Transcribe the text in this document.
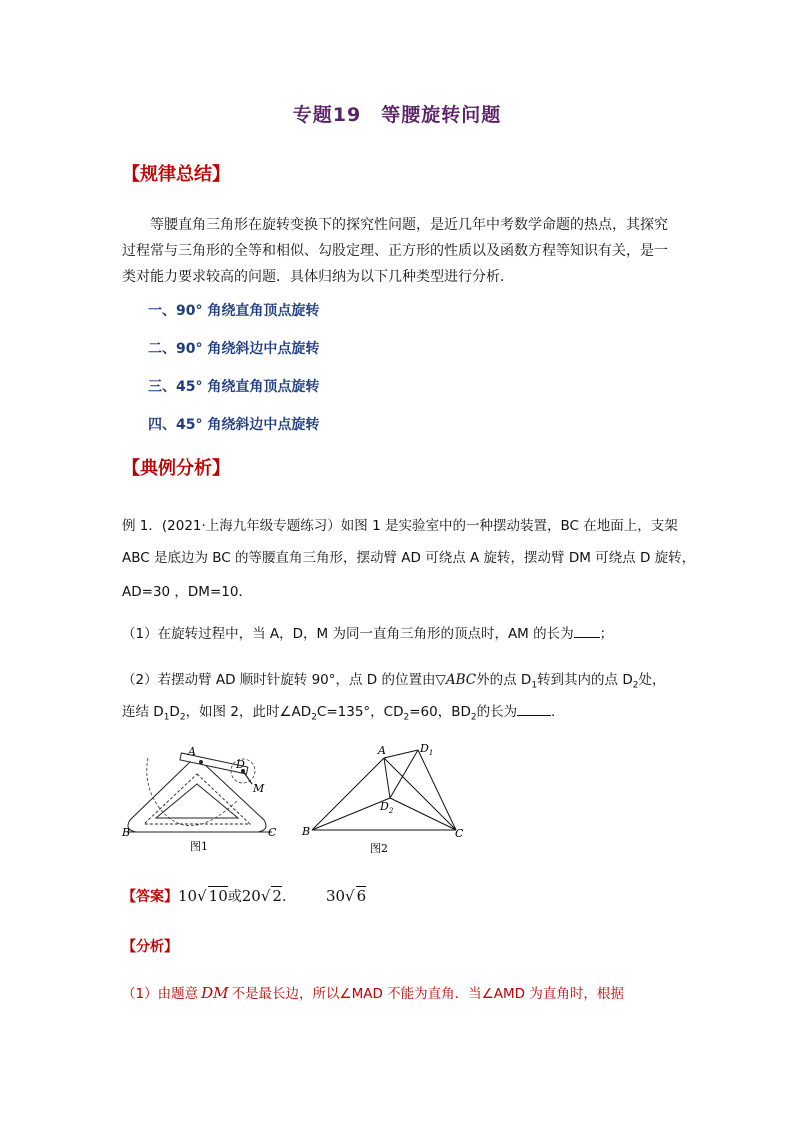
专题19　等腰旋转问题
【规律总结】
等腰直角三角形在旋转变换下的探究性问题，是近几年中考数学命题的热点，其探究
过程常与三角形的全等和相似、勾股定理、正方形的性质以及函数方程等知识有关，是一
类对能力要求较高的问题．具体归纳为以下几种类型进行分析.
一、90° 角绕直角顶点旋转
二、90° 角绕斜边中点旋转
三、45° 角绕直角顶点旋转
四、45° 角绕斜边中点旋转
【典例分析】
例 1．(2021·上海九年级专题练习）如图 1 是实验室中的一种摆动装置，BC 在地面上，支架
ABC 是底边为 BC 的等腰直角三角形，摆动臂 AD 可绕点 A 旋转，摆动臂 DM 可绕点 D 旋转，
AD=30 ，DM=10．
（1）在旋转过程中，当 A，D，M 为同一直角三角形的顶点时，AM 的长为 ；
（2）若摆动臂 AD 顺时针旋转 90°，点 D 的位置由▽ABC外的点 $D_1$转到其内的点 $D_2$处，
连结 $D_1D_2$，如图 2，此时$\angle AD_2C=135^\circ$，$CD_2=60$，$BD_2$的长为	．
A
D
M
B	C
图1
A	$D_1$
$D_2$
B	C
图2
【答案】10√ 10或20√ 2． 30√ 6
【分析】
（1）由题意 DM 不是最长边，所以∠MAD 不能为直角．当∠AMD 为直角时，根据
